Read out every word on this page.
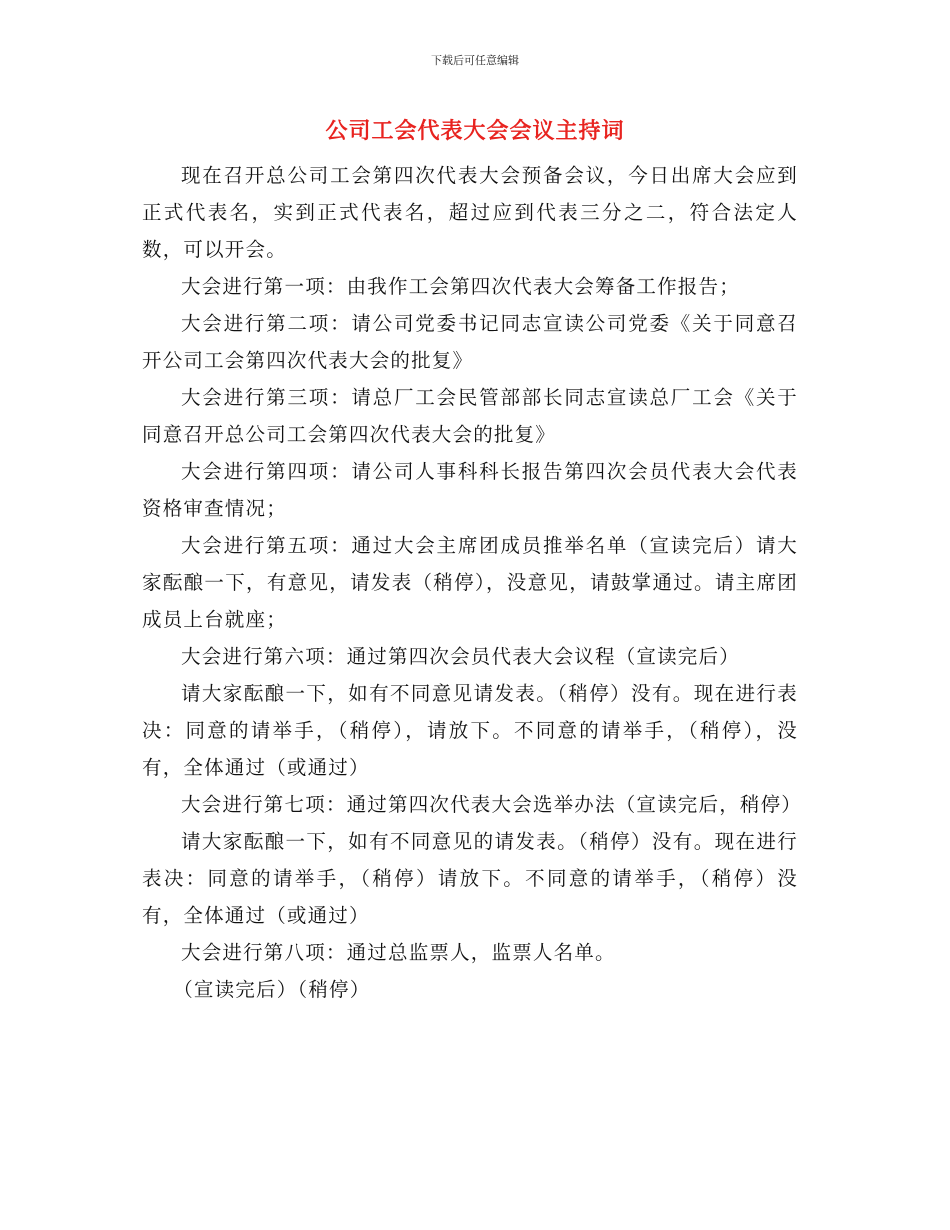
下载后可任意编辑
公司工会代表大会会议主持词

现在召开总公司工会第四次代表大会预备会议，今日出席大会应到正式代表名，实到正式代表名，超过应到代表三分之二，符合法定人数，可以开会。

大会进行第一项：由我作工会第四次代表大会筹备工作报告；

大会进行第二项：请公司党委书记同志宣读公司党委《关于同意召开公司工会第四次代表大会的批复》

大会进行第三项：请总厂工会民管部部长同志宣读总厂工会《关于同意召开总公司工会第四次代表大会的批复》

大会进行第四项：请公司人事科科长报告第四次会员代表大会代表资格审查情况；

大会进行第五项：通过大会主席团成员推举名单（宣读完后）请大家酝酿一下，有意见，请发表（稍停），没意见，请鼓掌通过。请主席团成员上台就座；

大会进行第六项：通过第四次会员代表大会议程（宣读完后）

请大家酝酿一下，如有不同意见请发表。（稍停）没有。现在进行表决：同意的请举手，（稍停），请放下。不同意的请举手，（稍停），没有，全体通过（或通过）

大会进行第七项：通过第四次代表大会选举办法（宣读完后，稍停）

请大家酝酿一下，如有不同意见的请发表。（稍停）没有。现在进行表决：同意的请举手，（稍停）请放下。不同意的请举手，（稍停）没有，全体通过（或通过）

大会进行第八项：通过总监票人，监票人名单。

（宣读完后）（稍停）
